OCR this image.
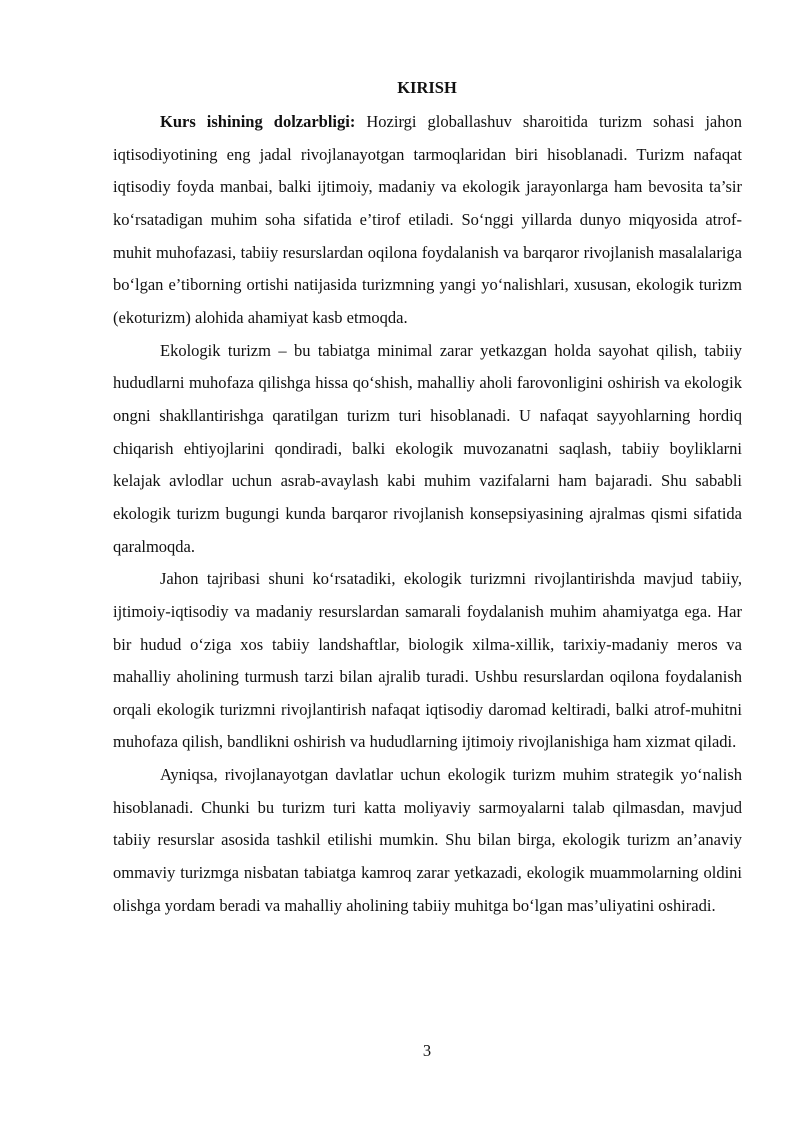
KIRISH

Kurs ishining dolzarbligi: Hozirgi globallashuv sharoitida turizm sohasi jahon iqtisodiyotining eng jadal rivojlanayotgan tarmoqlaridan biri hisoblanadi. Turizm nafaqat iqtisodiy foyda manbai, balki ijtimoiy, madaniy va ekologik jarayonlarga ham bevosita ta’sir ko‘rsatadigan muhim soha sifatida e’tirof etiladi. So‘nggi yillarda dunyo miqyosida atrof-muhit muhofazasi, tabiiy resurslardan oqilona foydalanish va barqaror rivojlanish masalalariga bo‘lgan e’tiborning ortishi natijasida turizmning yangi yo‘nalishlari, xususan, ekologik turizm (ekoturizm) alohida ahamiyat kasb etmoqda.

Ekologik turizm – bu tabiatga minimal zarar yetkazgan holda sayohat qilish, tabiiy hududlarni muhofaza qilishga hissa qo‘shish, mahalliy aholi farovonligini oshirish va ekologik ongni shakllantirishga qaratilgan turizm turi hisoblanadi. U nafaqat sayyohlarning hordiq chiqarish ehtiyojlarini qondiradi, balki ekologik muvozanatni saqlash, tabiiy boyliklarni kelajak avlodlar uchun asrab-avaylash kabi muhim vazifalarni ham bajaradi. Shu sababli ekologik turizm bugungi kunda barqaror rivojlanish konsepsiyasining ajralmas qismi sifatida qaralmoqda.

Jahon tajribasi shuni ko‘rsatadiki, ekologik turizmni rivojlantirishda mavjud tabiiy, ijtimoiy-iqtisodiy va madaniy resurslardan samarali foydalanish muhim ahamiyatga ega. Har bir hudud o‘ziga xos tabiiy landshaftlar, biologik xilma-xillik, tarixiy-madaniy meros va mahalliy aholining turmush tarzi bilan ajralib turadi. Ushbu resurslardan oqilona foydalanish orqali ekologik turizmni rivojlantirish nafaqat iqtisodiy daromad keltiradi, balki atrof-muhitni muhofaza qilish, bandlikni oshirish va hududlarning ijtimoiy rivojlanishiga ham xizmat qiladi.

Ayniqsa, rivojlanayotgan davlatlar uchun ekologik turizm muhim strategik yo‘nalish hisoblanadi. Chunki bu turizm turi katta moliyaviy sarmoyalarni talab qilmasdan, mavjud tabiiy resurslar asosida tashkil etilishi mumkin. Shu bilan birga, ekologik turizm an’anaviy ommaviy turizmga nisbatan tabiatga kamroq zarar yetkazadi, ekologik muammolarning oldini olishga yordam beradi va mahalliy aholining tabiiy muhitga bo‘lgan mas’uliyatini oshiradi.

3
